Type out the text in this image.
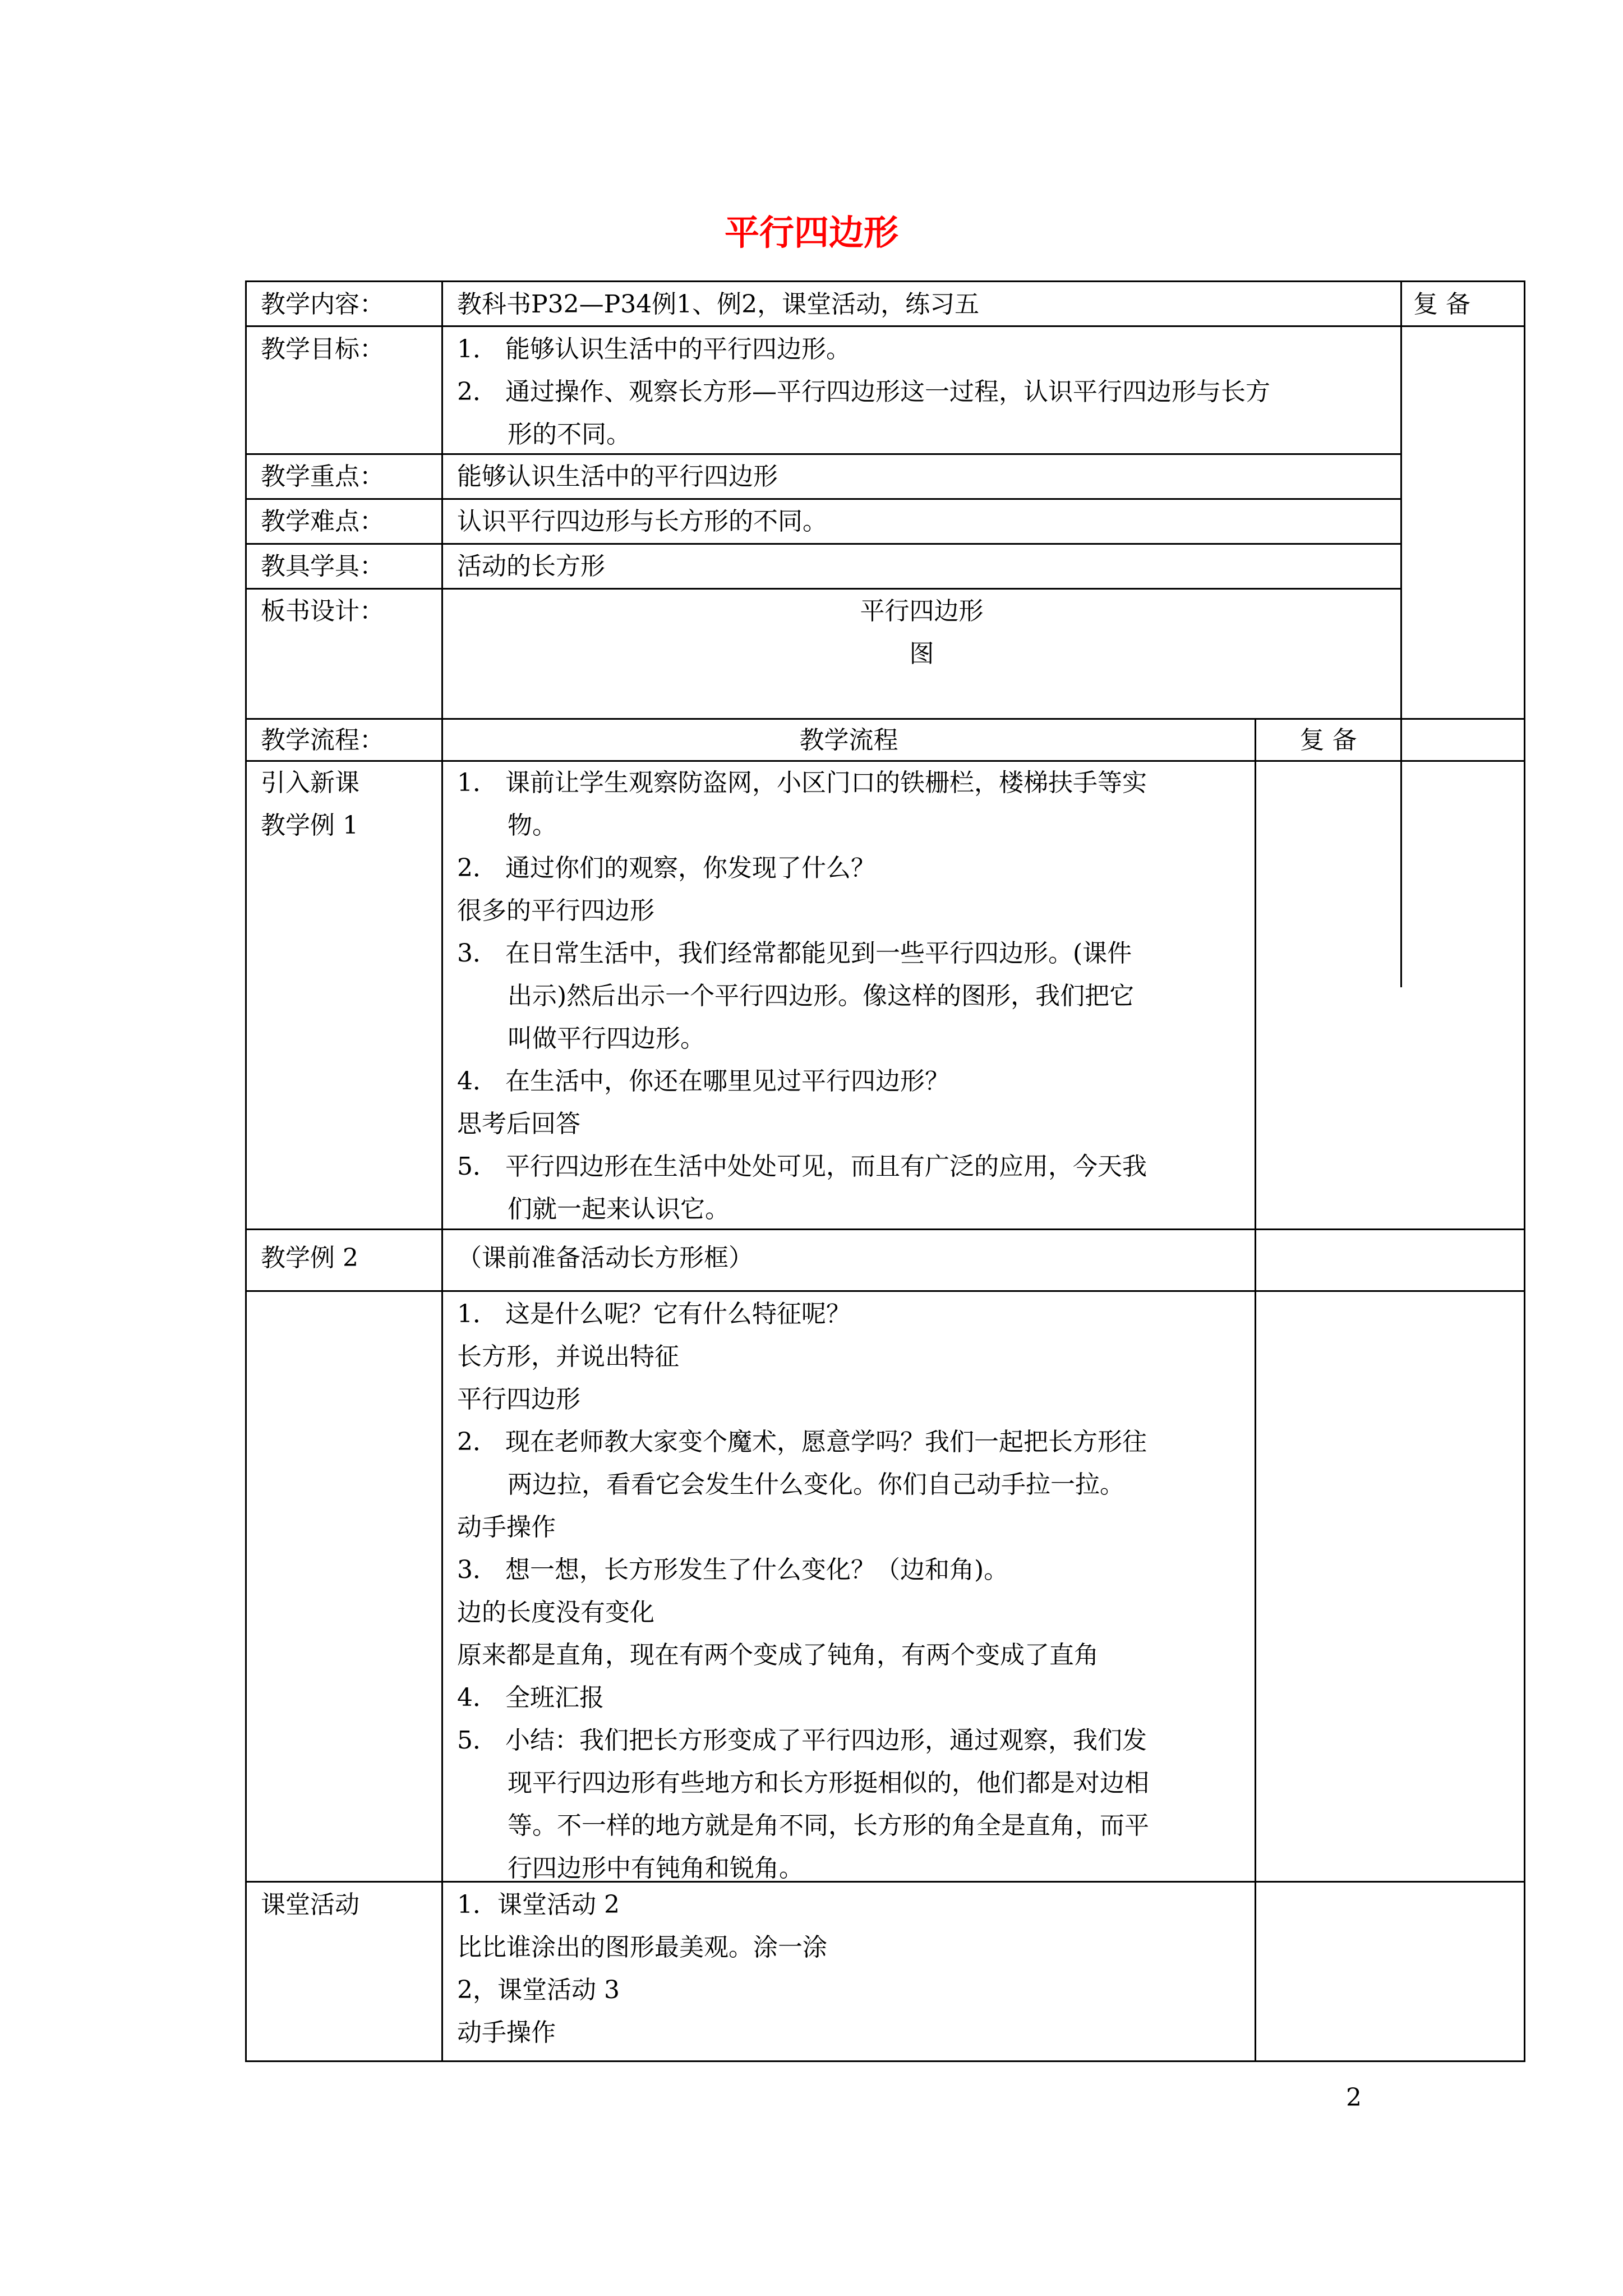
平行四边形
教学内容：	教科书P32—P34例1、例2，课堂活动，练习五	复 备
教学目标：	1． 能够认识生活中的平行四边形。
2． 通过操作、观察长方形—平行四边形这一过程，认识平行四边形与长方
形的不同。
教学重点：	能够认识生活中的平行四边形
教学难点：	认识平行四边形与长方形的不同。
教具学具：	活动的长方形
板书设计：	平行四边形
图
教学流程：	教学流程	复 备
引入新课
教学例 1
1． 课前让学生观察防盗网，小区门口的铁栅栏，楼梯扶手等实
物。
2． 通过你们的观察，你发现了什么？
很多的平行四边形
3． 在日常生活中，我们经常都能见到一些平行四边形。(课件
出示)然后出示一个平行四边形。像这样的图形，我们把它
叫做平行四边形。
4． 在生活中，你还在哪里见过平行四边形？
思考后回答
5． 平行四边形在生活中处处可见，而且有广泛的应用，今天我
们就一起来认识它。
教学例 2	（课前准备活动长方形框）
1． 这是什么呢？它有什么特征呢？
长方形，并说出特征
平行四边形
2． 现在老师教大家变个魔术，愿意学吗？我们一起把长方形往
两边拉，看看它会发生什么变化。你们自己动手拉一拉。
动手操作
3． 想一想，长方形发生了什么变化？（边和角)。
边的长度没有变化
原来都是直角，现在有两个变成了钝角，有两个变成了直角
4． 全班汇报
5． 小结：我们把长方形变成了平行四边形，通过观察，我们发
现平行四边形有些地方和长方形挺相似的，他们都是对边相
等。不一样的地方就是角不同，长方形的角全是直角，而平
行四边形中有钝角和锐角。
课堂活动	1．课堂活动 2
比比谁涂出的图形最美观。涂一涂
2，课堂活动 3
动手操作
2
